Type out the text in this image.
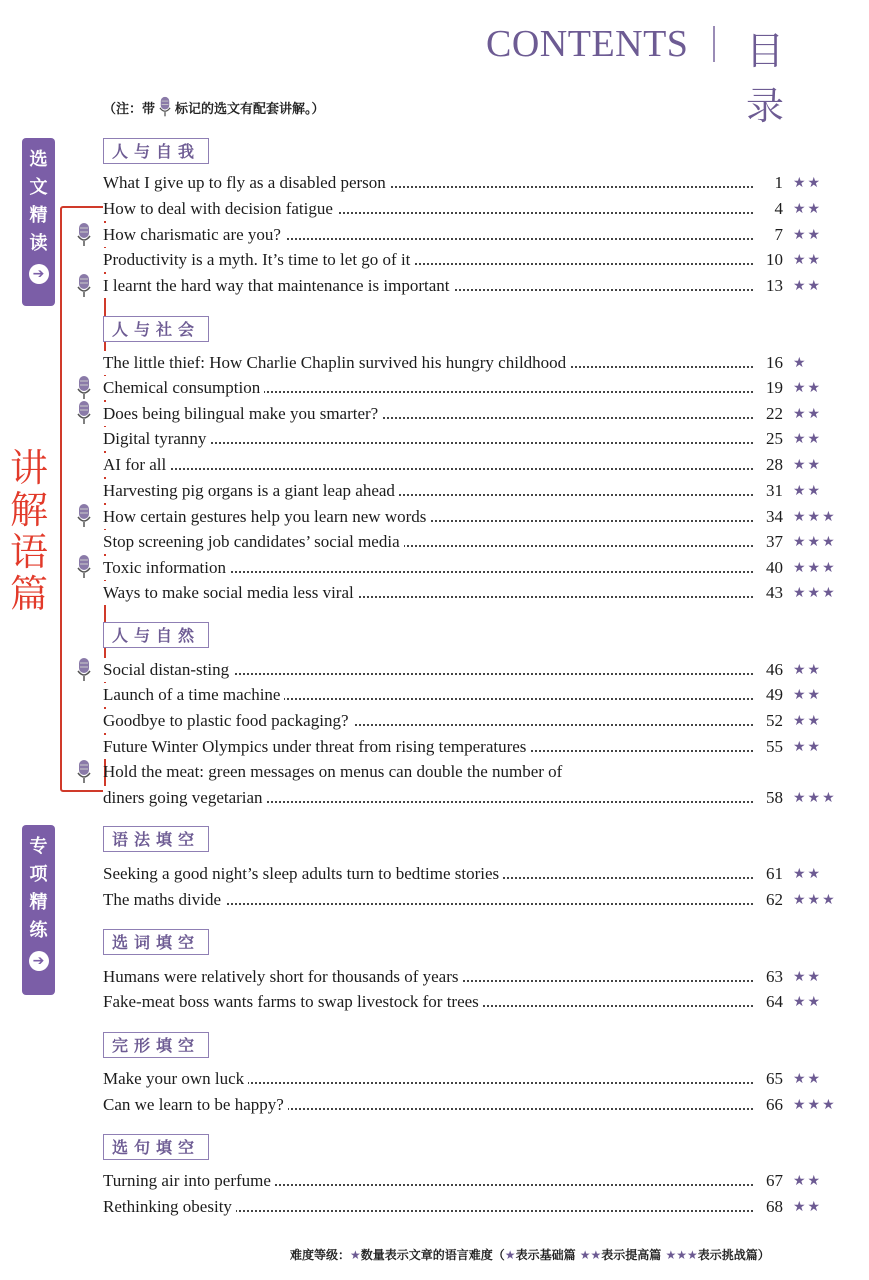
CONTENTS 目 录
（注：带 标记的选文有配套讲解。）
选
文
精
读
➔
专
项
精
练
➔
讲
解
语
篇
人与自我
人与社会
人与自然
语法填空
选词填空
完形填空
选句填空
What I give up to fly as a disabled person	1 ★★
How to deal with decision fatigue	4 ★★
How charismatic are you?	7 ★★
Productivity is a myth. It’s time to let go of it	10 ★★
I learnt the hard way that maintenance is important	13 ★★
The little thief: How Charlie Chaplin survived his hungry childhood	16 ★
Chemical consumption	19 ★★
Does being bilingual make you smarter?	22 ★★
Digital tyranny	25 ★★
AI for all	28 ★★
Harvesting pig organs is a giant leap ahead	31 ★★
How certain gestures help you learn new words	34 ★★★
Stop screening job candidates’ social media	37 ★★★
Toxic information	40 ★★★
Ways to make social media less viral	43 ★★★
Social distan-sting	46 ★★
Launch of a time machine	49 ★★
Goodbye to plastic food packaging?	52 ★★
Future Winter Olympics under threat from rising temperatures	55 ★★
Hold the meat: green messages on menus can double the number of
diners going vegetarian	58 ★★★
Seeking a good night’s sleep adults turn to bedtime stories	61 ★★
The maths divide	62 ★★★
Humans were relatively short for thousands of years	63 ★★
Fake-meat boss wants farms to swap livestock for trees	64 ★★
Make your own luck	65 ★★
Can we learn to be happy?	66 ★★★
Turning air into perfume	67 ★★
Rethinking obesity	68 ★★
难度等级：★数量表示文章的语言难度（★表示基础篇 ★★表示提高篇 ★★★表示挑战篇）
